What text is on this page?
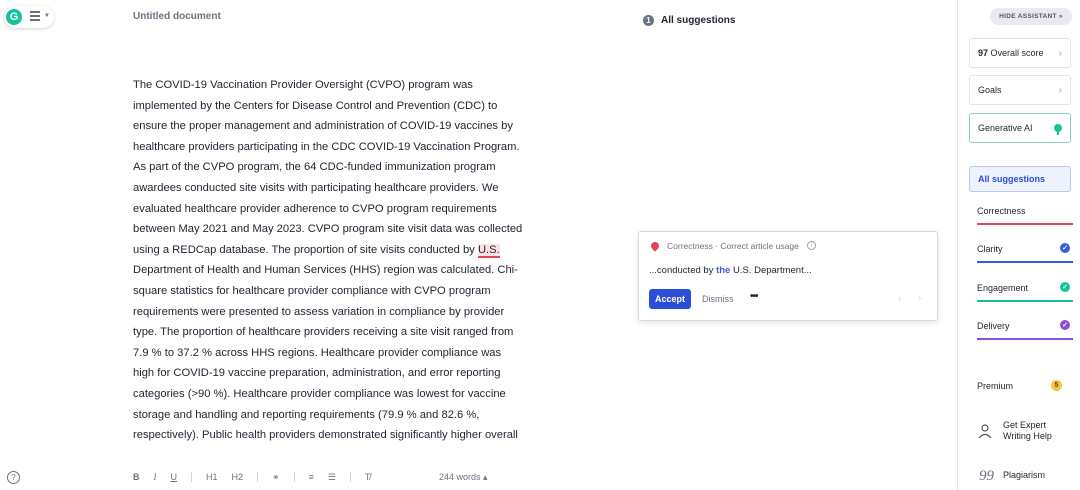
G	▼	Untitled document
The COVID-19 Vaccination Provider Oversight (CVPO) program was implemented by the Centers for Disease Control and Prevention (CDC) to ensure the proper management and administration of COVID-19 vaccines by healthcare providers participating in the CDC COVID-19 Vaccination Program. As part of the CVPO program, the 64 CDC-funded immunization program awardees conducted site visits with participating healthcare providers. We evaluated healthcare provider adherence to CVPO program requirements between May 2021 and May 2023. CVPO program site visit data was collected using a REDCap database. The proportion of site visits conducted by U.S. Department of Health and Human Services (HHS) region was calculated. Chi-square statistics for healthcare provider compliance with CVPO program requirements were presented to assess variation in compliance by provider type. The proportion of healthcare providers receiving a site visit ranged from 7.9 % to 37.2 % across HHS regions. Healthcare provider compliance was high for COVID-19 vaccine preparation, administration, and error reporting categories (>90 %). Healthcare provider compliance was lowest for vaccine storage and handling and reporting requirements (79.9 % and 82.6 %, respectively). Public health providers demonstrated significantly higher overall
?	B I U	H1 H2	⚭	≡ ☰	T̸	244 words ▴
1	All suggestions
Correctness · Correct article usage	i
...conducted by the U.S. Department...
Accept	Dismiss •••	‹ ›
HIDE ASSISTANT »
97
Overall score ›
Goals	›
Generative AI
All suggestions
Correctness
Clarity	✓
Engagement	✓
Delivery	✓
Premium	5
Get Expert
Writing Help
99 Plagiarism
